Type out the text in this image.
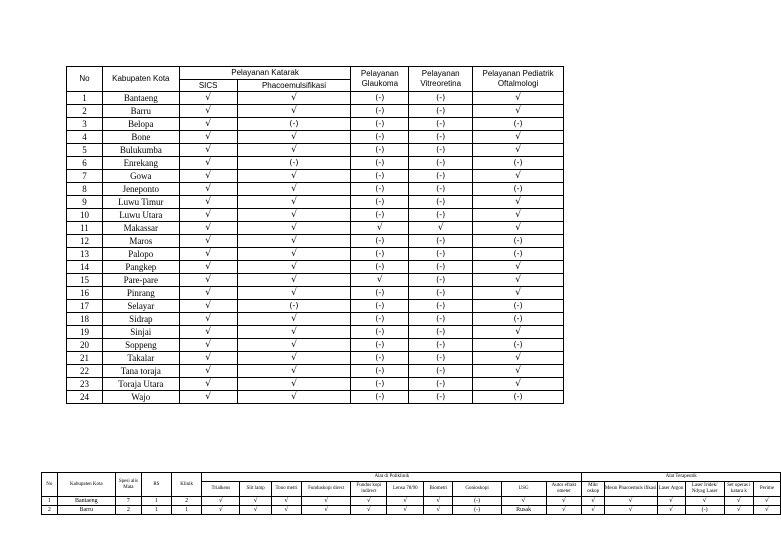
No	Kabupaten Kota	Pelayanan Katarak		Pelayanan Glaukoma	Pelayanan Vitreoretina	Pelayanan Pediatrik Oftalmologi
		SICS	Phacoemulsifikasi			
1	Bantaeng	√	√	(-)	(-)	√
2	Barru	√	√	(-)	(-)	√
3	Belopa	√	(-)	(-)	(-)	(-)
4	Bone	√	√	(-)	(-)	√
5	Bulukumba	√	√	(-)	(-)	√
6	Enrekang	√	(-)	(-)	(-)	(-)
7	Gowa	√	√	(-)	(-)	√
8	Jeneponto	√	√	(-)	(-)	(-)
9	Luwu Timur	√	√	(-)	(-)	√
10	Luwu Utara	√	√	(-)	(-)	√
11	Makassar	√	√	√	√	√
12	Maros	√	√	(-)	(-)	(-)
13	Palopo	√	√	(-)	(-)	(-)
14	Pangkep	√	√	(-)	(-)	√
15	Pare-pare	√	√	√	(-)	√
16	Pinrang	√	√	(-)	(-)	√
17	Selayar	√	(-)	(-)	(-)	(-)
18	Sidrap	√	√	(-)	(-)	(-)
19	Sinjai	√	√	(-)	(-)	√
20	Soppeng	√	√	(-)	(-)	(-)
21	Takalar	√	√	(-)	(-)	√
22	Tana toraja	√	√	(-)	(-)	√
23	Toraja Utara	√	√	(-)	(-)	√
24	Wajo	√	√	(-)	(-)	(-)
No	Kabupaten Kota	Spesi alis Mata	RS	Klinik	Alat di Poliklinik										Alat Terapeutik					
					Trialkens	Slit lamp	Tono metri	Funduskopi direct	Fundus kopi indirect	Lensa 78/90	Biometri	Gonioskopi	USG	Autor efrakt ometer	Mikr oskop	Mesin Phacoemuls ifikasi	Laser Argon	Laser Iridek/ Ndyag Laser	Set operas i katara k	Perime
1	Bantaeng	7	1	2	√	√	√	√	√	√	√	(-)	√	√	√	√	√	√	√	√
2	Barru	2	1	1	√	√	√	√	√	√	√	(-)	Rusak	√	√	√	√	(-)	√	√
